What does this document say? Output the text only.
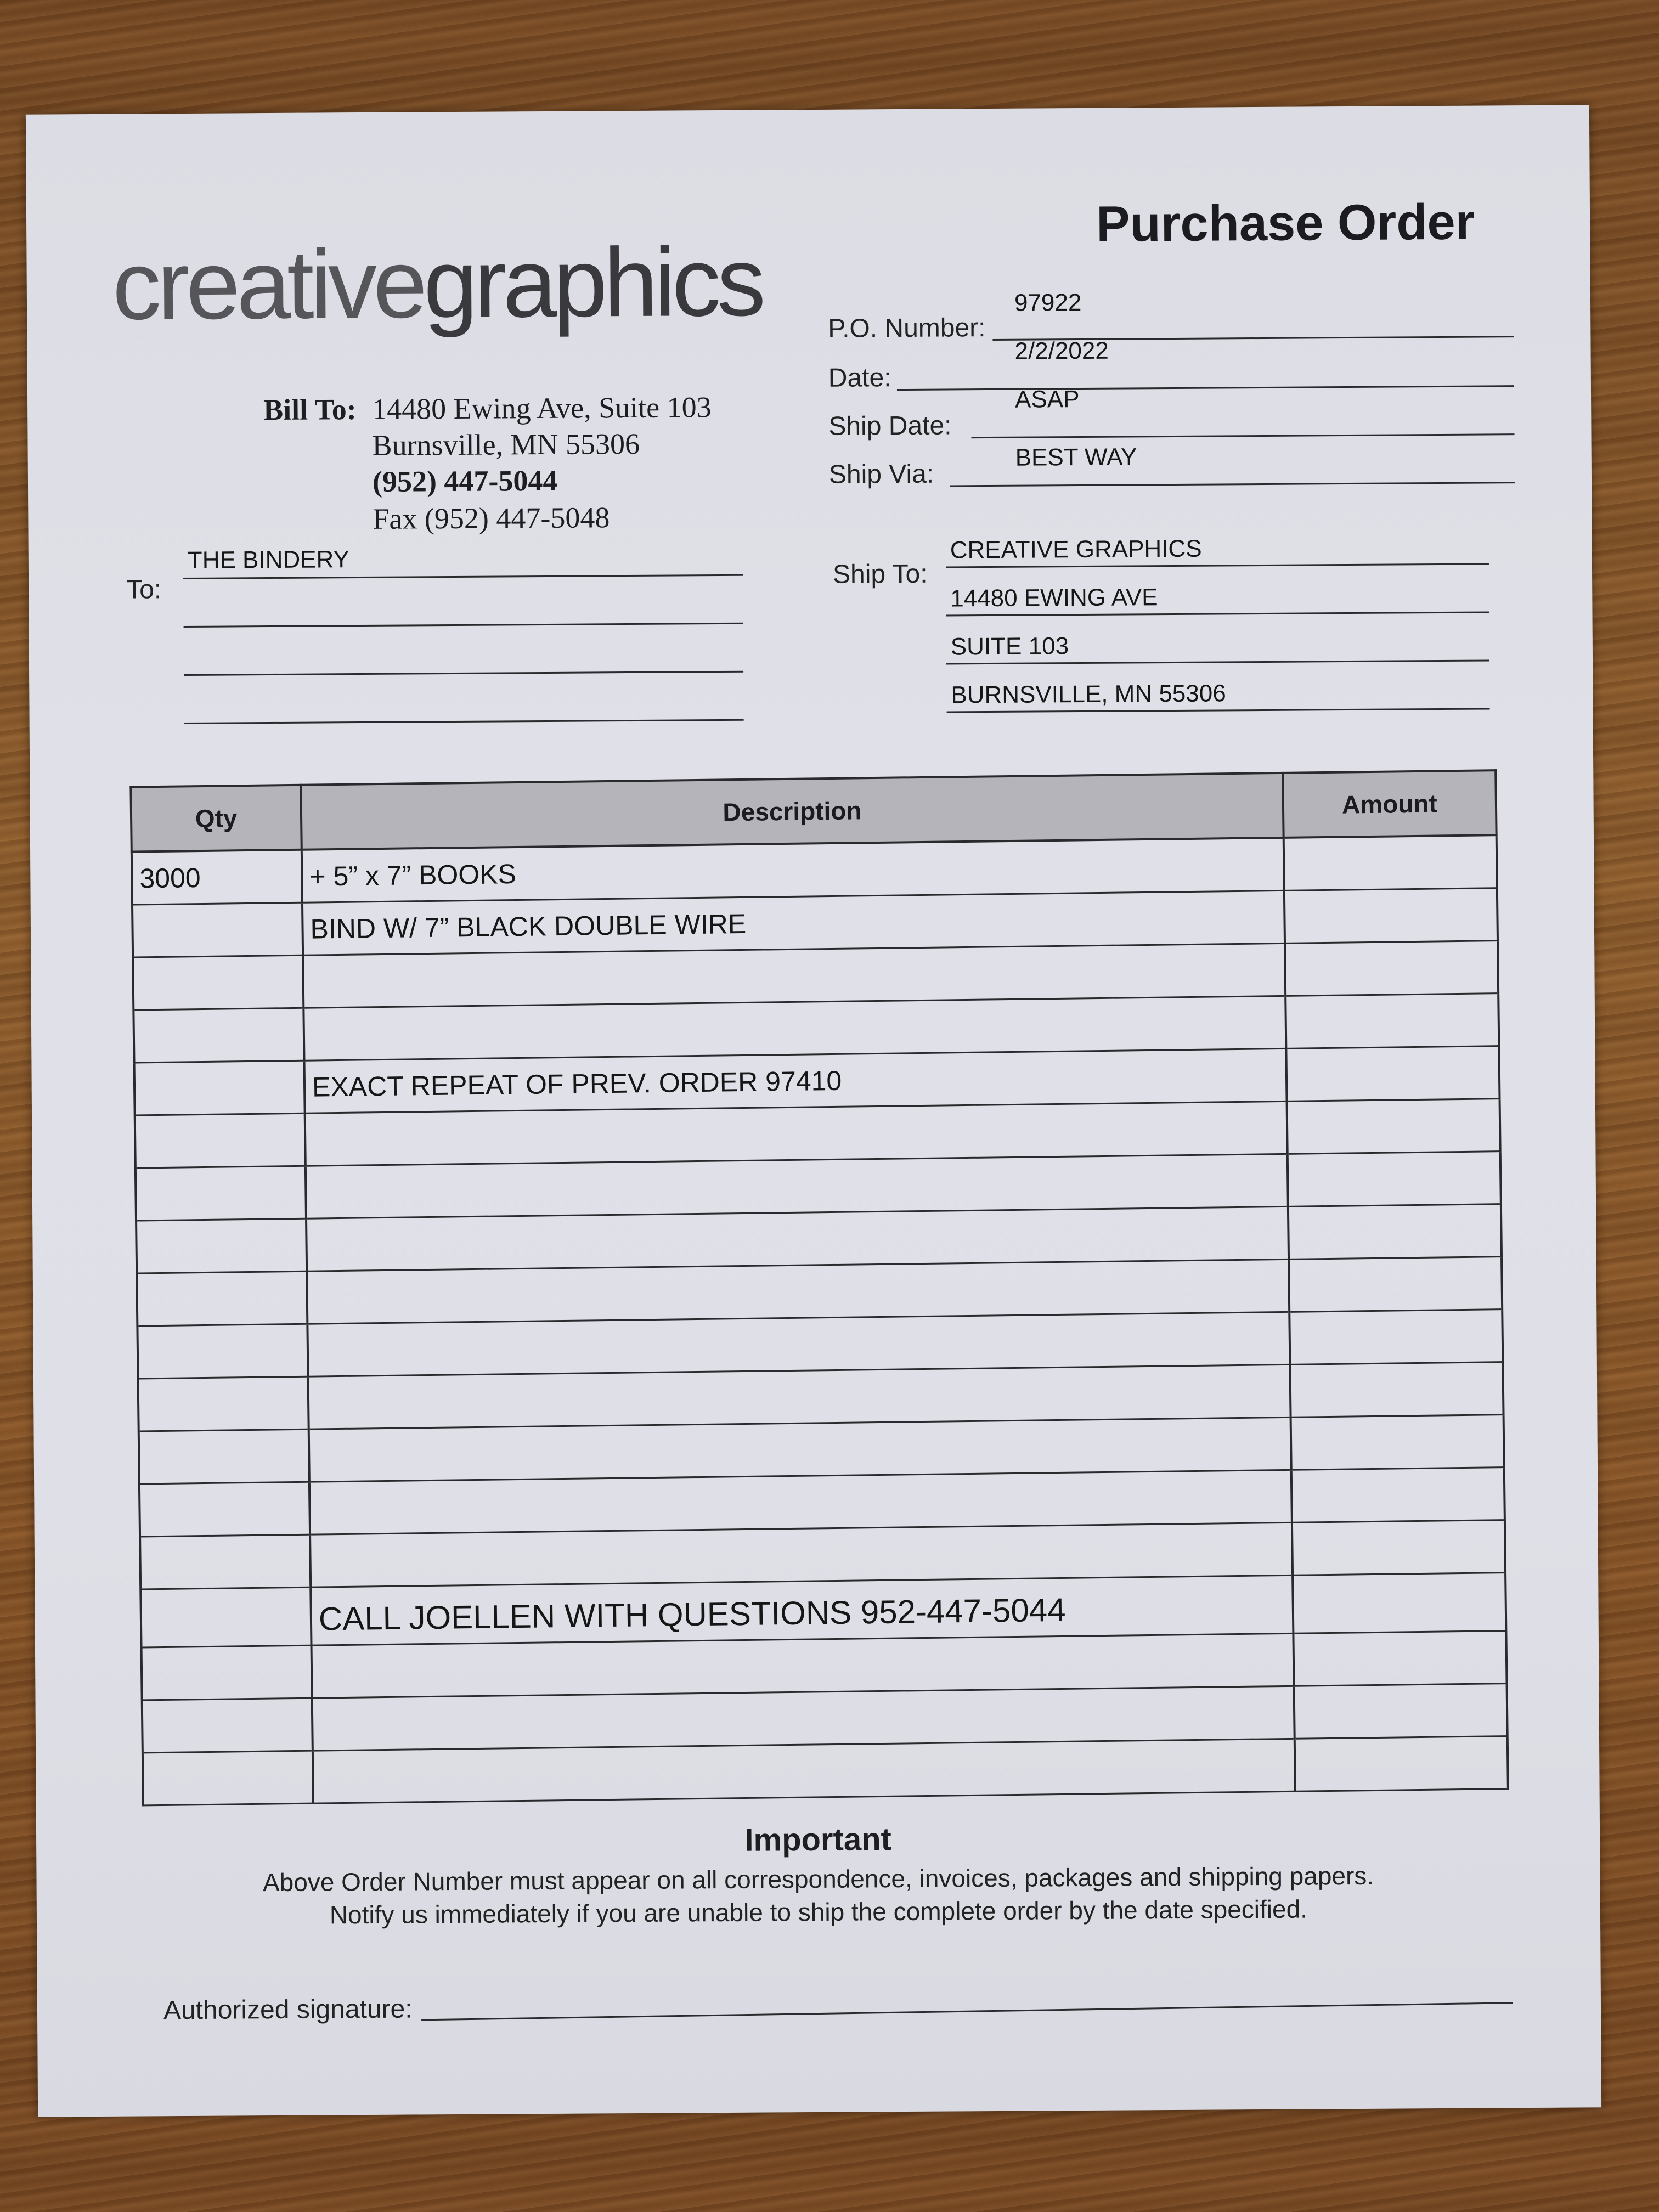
creativegraphics
Purchase Order
Bill To: 14480 Ewing Ave, Suite 103
Burnsville, MN 55306
(952) 447-5044
Fax (952) 447-5048
P.O. Number:
97922
Date:
2/2/2022
Ship Date:
ASAP
Ship Via:
BEST WAY
To:
THE BINDERY	Ship To:
CREATIVE GRAPHICS
14480 EWING AVE
SUITE 103
BURNSVILLE, MN 55306
Qty	Description	Amount
3000	+ 5” x 7” BOOKS	
	BIND W/ 7” BLACK DOUBLE WIRE	

	EXACT REPEAT OF PREV. ORDER 97410	

	CALL JOELLEN WITH QUESTIONS 952-447-5044	

Important
Above Order Number must appear on all correspondence, invoices, packages and shipping papers.
Notify us immediately if you are unable to ship the complete order by the date specified.
Authorized signature:
